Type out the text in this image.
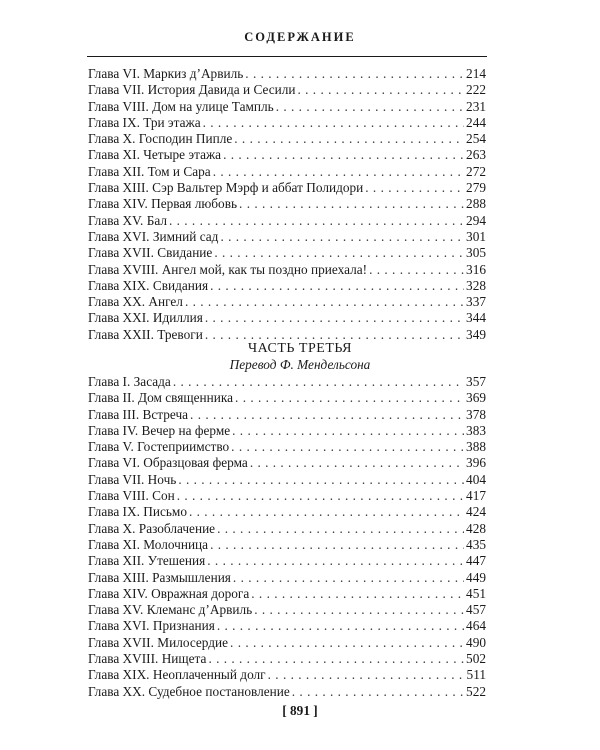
СОДЕРЖАНИЕ
Глава VI. Маркиз д’Арвиль . . .	214
Глава VII. История Давида и Сесили . . .	222
Глава VIII. Дом на улице Тампль . . .	231
Глава IX. Три этажа . . .	244
Глава X. Господин Пипле . . .	254
Глава XI. Четыре этажа . . .	263
Глава XII. Том и Сара . . .	272
Глава XIII. Сэр Вальтер Мэрф и аббат Полидори . . .	279
Глава XIV. Первая любовь . . .	288
Глава XV. Бал . . .	294
Глава XVI. Зимний сад . . .	301
Глава XVII. Свидание . . .	305
Глава XVIII. Ангел мой, как ты поздно приехала! . . .	316
Глава XIX. Свидания . . .	328
Глава XX. Ангел . . .	337
Глава XXI. Идиллия . . .	344
Глава XXII. Тревоги . . .	349
ЧАСТЬ ТРЕТЬЯ
Перевод Ф. Мендельсона
Глава I. Засада . . .	357
Глава II. Дом священника . . .	369
Глава III. Встреча . . .	378
Глава IV. Вечер на ферме . . .	383
Глава V. Гостеприимство . . .	388
Глава VI. Образцовая ферма . . .	396
Глава VII. Ночь . . .	404
Глава VIII. Сон . . .	417
Глава IX. Письмо . . .	424
Глава X. Разоблачение . . .	428
Глава XI. Молочница . . .	435
Глава XII. Утешения . . .	447
Глава XIII. Размышления . . .	449
Глава XIV. Овражная дорога . . .	451
Глава XV. Клеманс д’Арвиль . . .	457
Глава XVI. Признания . . .	464
Глава XVII. Милосердие . . .	490
Глава XVIII. Нищета . . .	502
Глава XIX. Неоплаченный долг . . .	511
Глава XX. Судебное постановление . . .	522
[ 891 ]
